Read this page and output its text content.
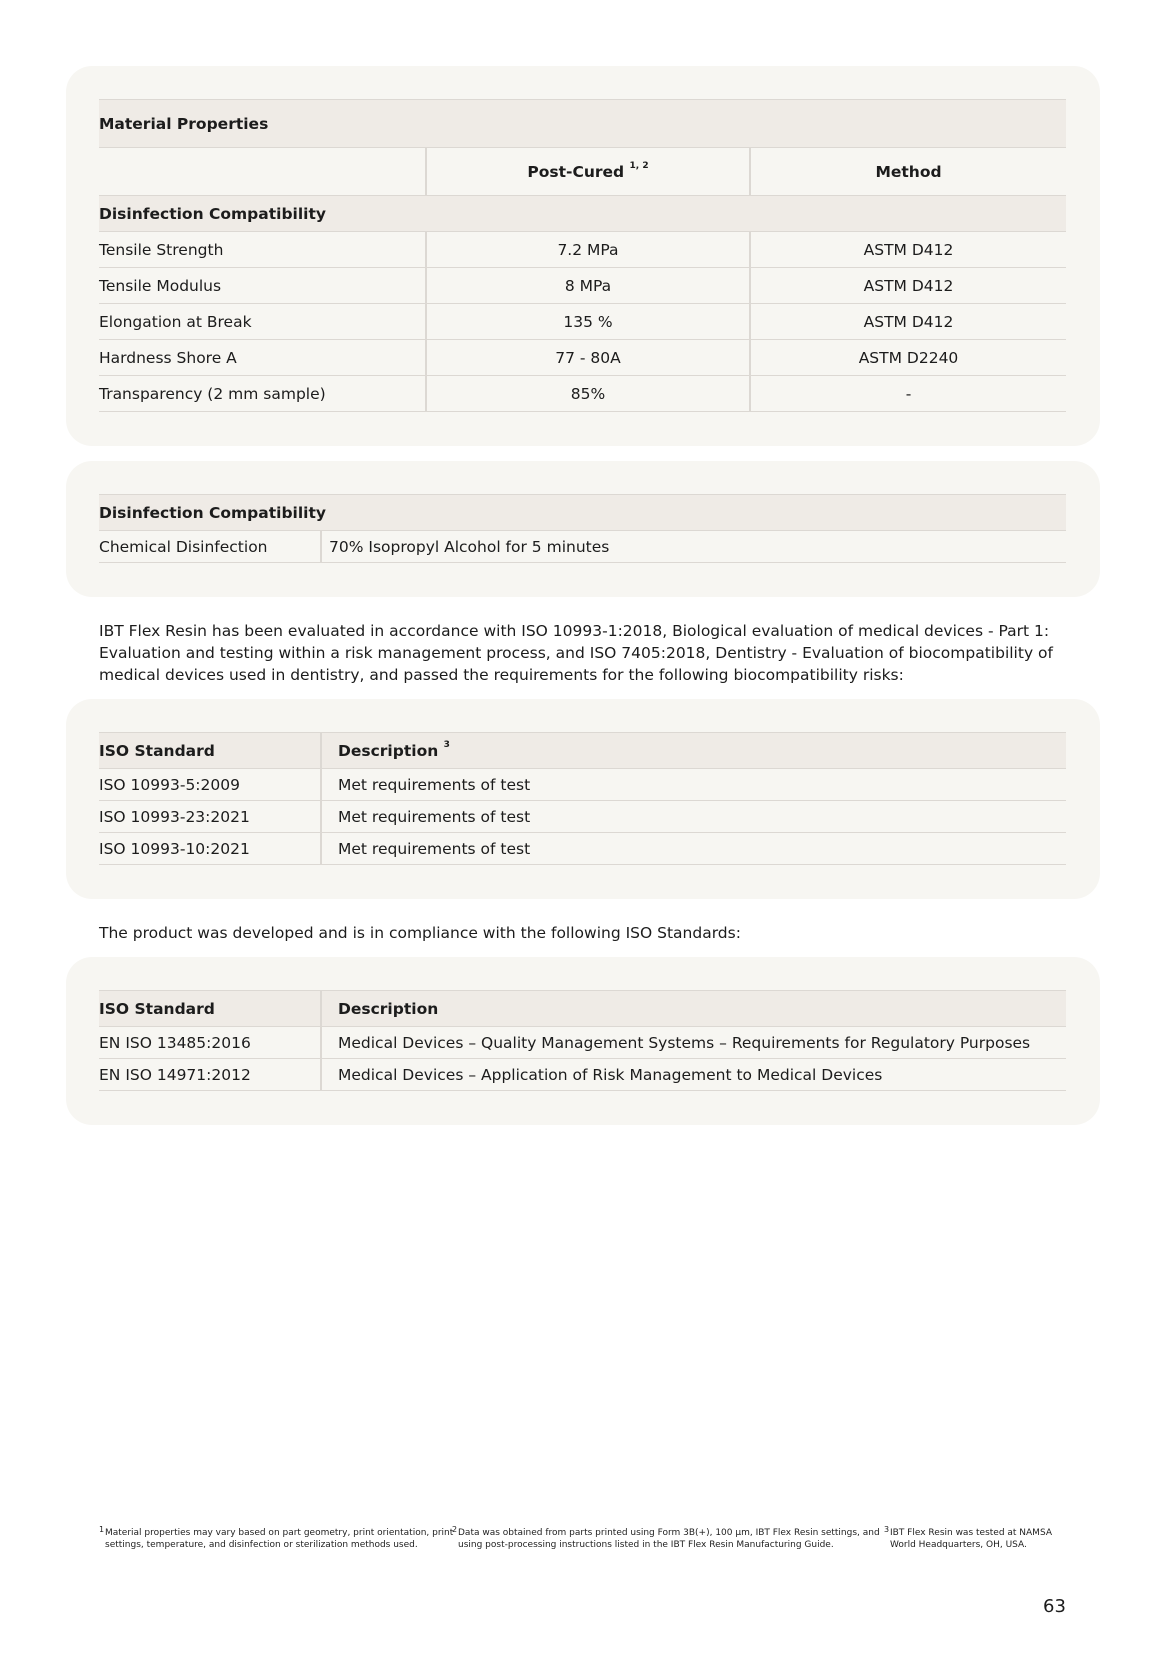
Material Properties		
	Post-Cured $^{1, 2}$	Method
Disinfection Compatibility		
Tensile Strength	7.2 MPa	ASTM D412
Tensile Modulus	8 MPa	ASTM D412
Elongation at Break	135 %	ASTM D412
Hardness Shore A	77 - 80A	ASTM D2240
Transparency (2 mm sample)	85%	-
Disinfection Compatibility
Chemical Disinfection	70% Isopropyl Alcohol for 5 minutes

IBT Flex Resin has been evaluated in accordance with ISO 10993-1:2018, Biological evaluation of medical devices - Part 1: Evaluation and testing within a risk management process, and ISO 7405:2018, Dentistry - Evaluation of biocompatibility of medical devices used in dentistry, and passed the requirements for the following biocompatibility risks:

ISO Standard	Description $^3$
ISO 10993-5:2009	Met requirements of test
ISO 10993-23:2021	Met requirements of test
ISO 10993-10:2021	Met requirements of test

The product was developed and is in compliance with the following ISO Standards:

ISO Standard	Description
EN ISO 13485:2016	Medical Devices – Quality Management Systems – Requirements for Regulatory Purposes
EN ISO 14971:2012	Medical Devices – Application of Risk Management to Medical Devices
1 Material properties may vary based on part geometry, print orientation, print
settings, temperature, and disinfection or sterilization methods used.
2 Data was obtained from parts printed using Form 3B(+), 100 µm, IBT Flex Resin settings, and
using post-processing instructions listed in the IBT Flex Resin Manufacturing Guide.
3 IBT Flex Resin was tested at NAMSA
World Headquarters, OH, USA.
63
